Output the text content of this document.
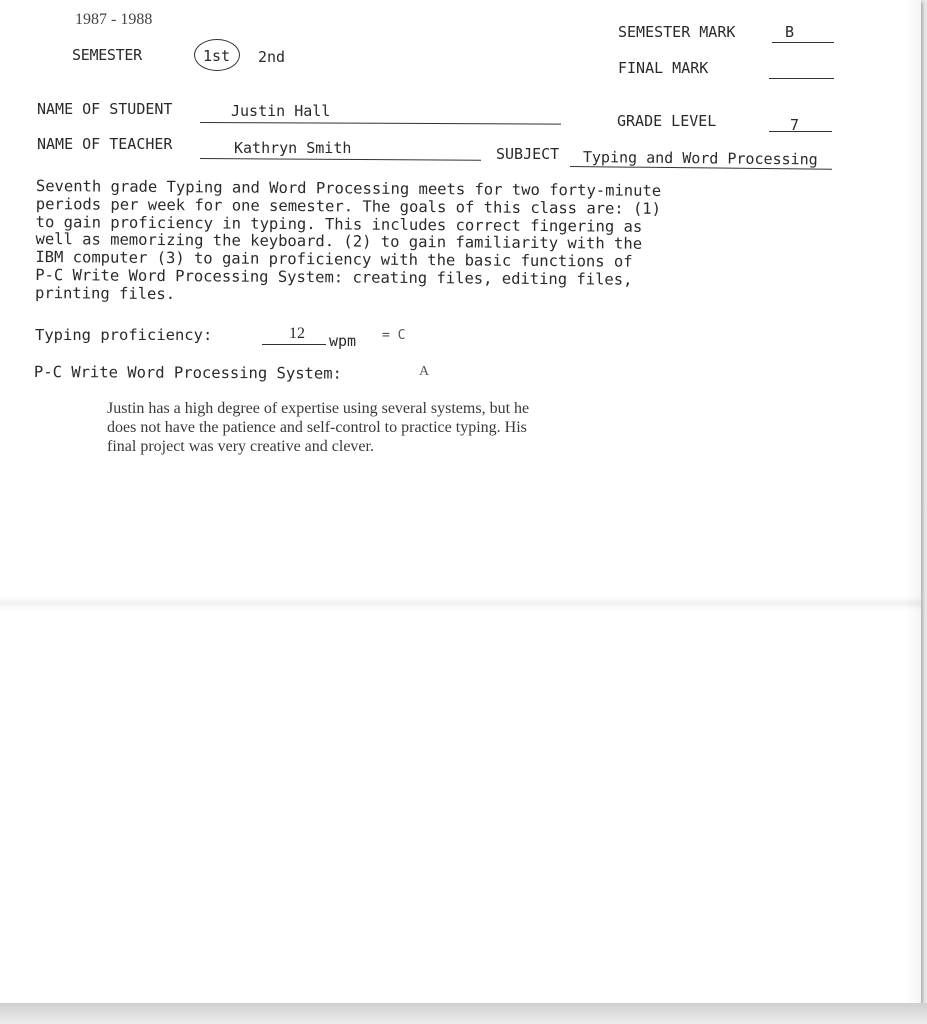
1987 - 1988
SEMESTER	1st 2nd
SEMESTER MARK	B
FINAL MARK
NAME OF STUDENT	Justin Hall
GRADE LEVEL	7
NAME OF TEACHER	Kathryn Smith	SUBJECT Typing and Word Processing
Seventh grade Typing and Word Processing meets for two forty-minute
periods per week for one semester. The goals of this class are: (1)
to gain proficiency in typing. This includes correct fingering as
well as memorizing the keyboard. (2) to gain familiarity with the
IBM computer (3) to gain proficiency with the basic functions of
P-C Write Word Processing System: creating files, editing files,
printing files.
Typing proficiency:	12 wpm = C
P-C Write Word Processing System:	A
Justin has a high degree of expertise using several systems, but he
does not have the patience and self-control to practice typing. His
final project was very creative and clever.
